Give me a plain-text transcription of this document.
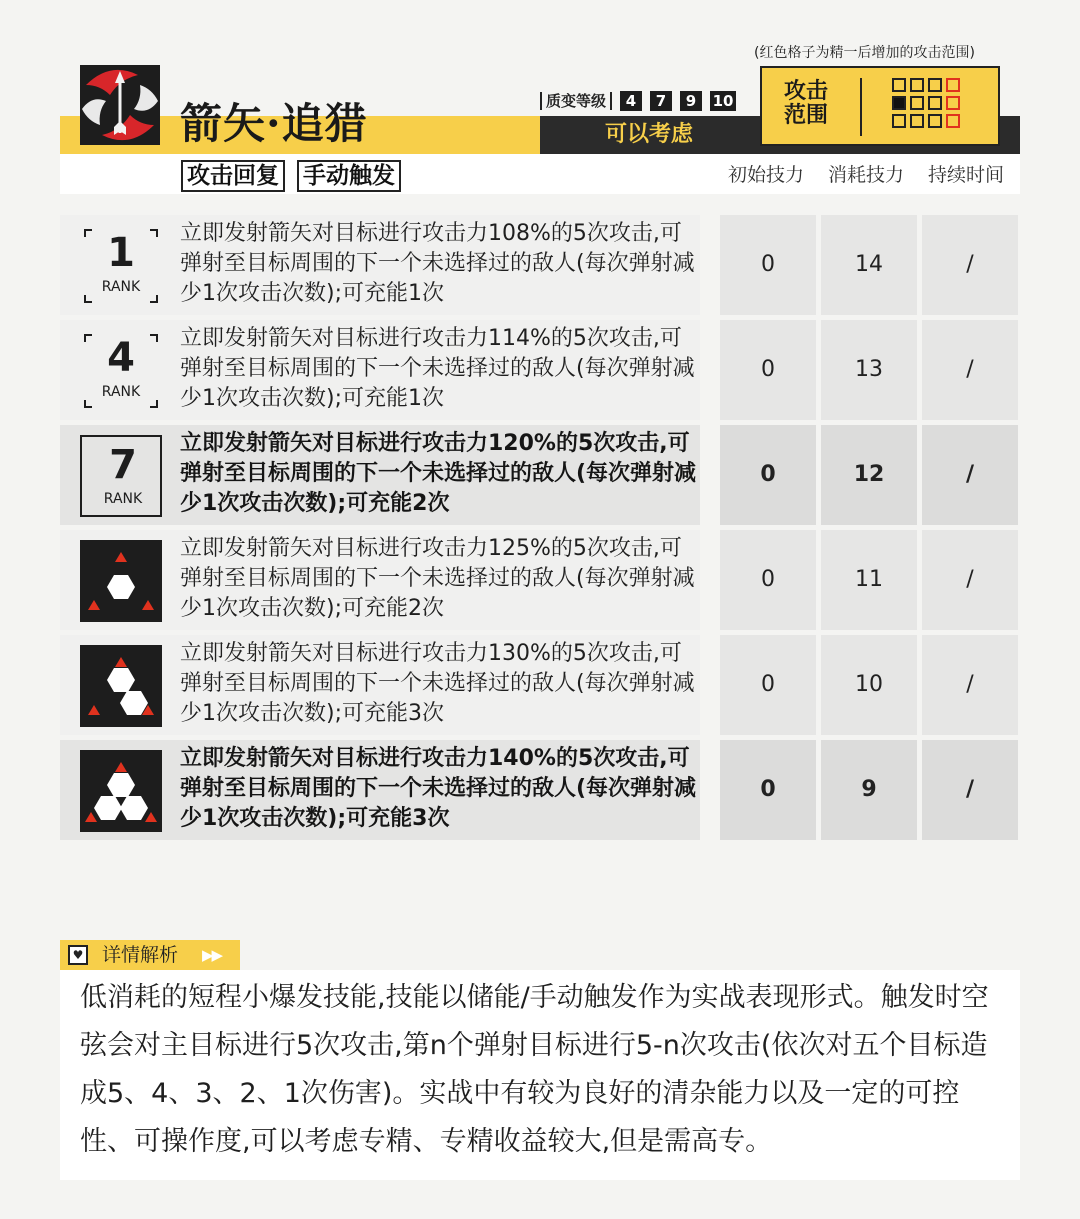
箭矢·追猎
攻击回复 手动触发
质变等级	4	7	9	10
可以考虑
(红色格子为精一后增加的攻击范围)
攻击范围
初始技力	消耗技力	持续时间
1
RANK
立即发射箭矢对目标进行攻击力108%的5次攻击,可弹射至目标周围的下一个未选择过的敌人(每次弹射减少1次攻击次数);可充能1次
0	14	/
4
RANK
立即发射箭矢对目标进行攻击力114%的5次攻击,可弹射至目标周围的下一个未选择过的敌人(每次弹射减少1次攻击次数);可充能1次
0	13	/
7
RANK
立即发射箭矢对目标进行攻击力120%的5次攻击,可弹射至目标周围的下一个未选择过的敌人(每次弹射减少1次攻击次数);可充能2次
0	12	/
立即发射箭矢对目标进行攻击力125%的5次攻击,可弹射至目标周围的下一个未选择过的敌人(每次弹射减少1次攻击次数);可充能2次
0	11	/
立即发射箭矢对目标进行攻击力130%的5次攻击,可弹射至目标周围的下一个未选择过的敌人(每次弹射减少1次攻击次数);可充能3次
0	10	/
立即发射箭矢对目标进行攻击力140%的5次攻击,可弹射至目标周围的下一个未选择过的敌人(每次弹射减少1次攻击次数);可充能3次
0	9	/
♥ 详情解析 ▶▶
低消耗的短程小爆发技能,技能以储能/手动触发作为实战表现形式。触发时空弦会对主目标进行5次攻击,第n个弹射目标进行5-n次攻击(依次对五个目标造成5、4、3、2、1次伤害)。实战中有较为良好的清杂能力以及一定的可控性、可操作度,可以考虑专精、专精收益较大,但是需高专。
